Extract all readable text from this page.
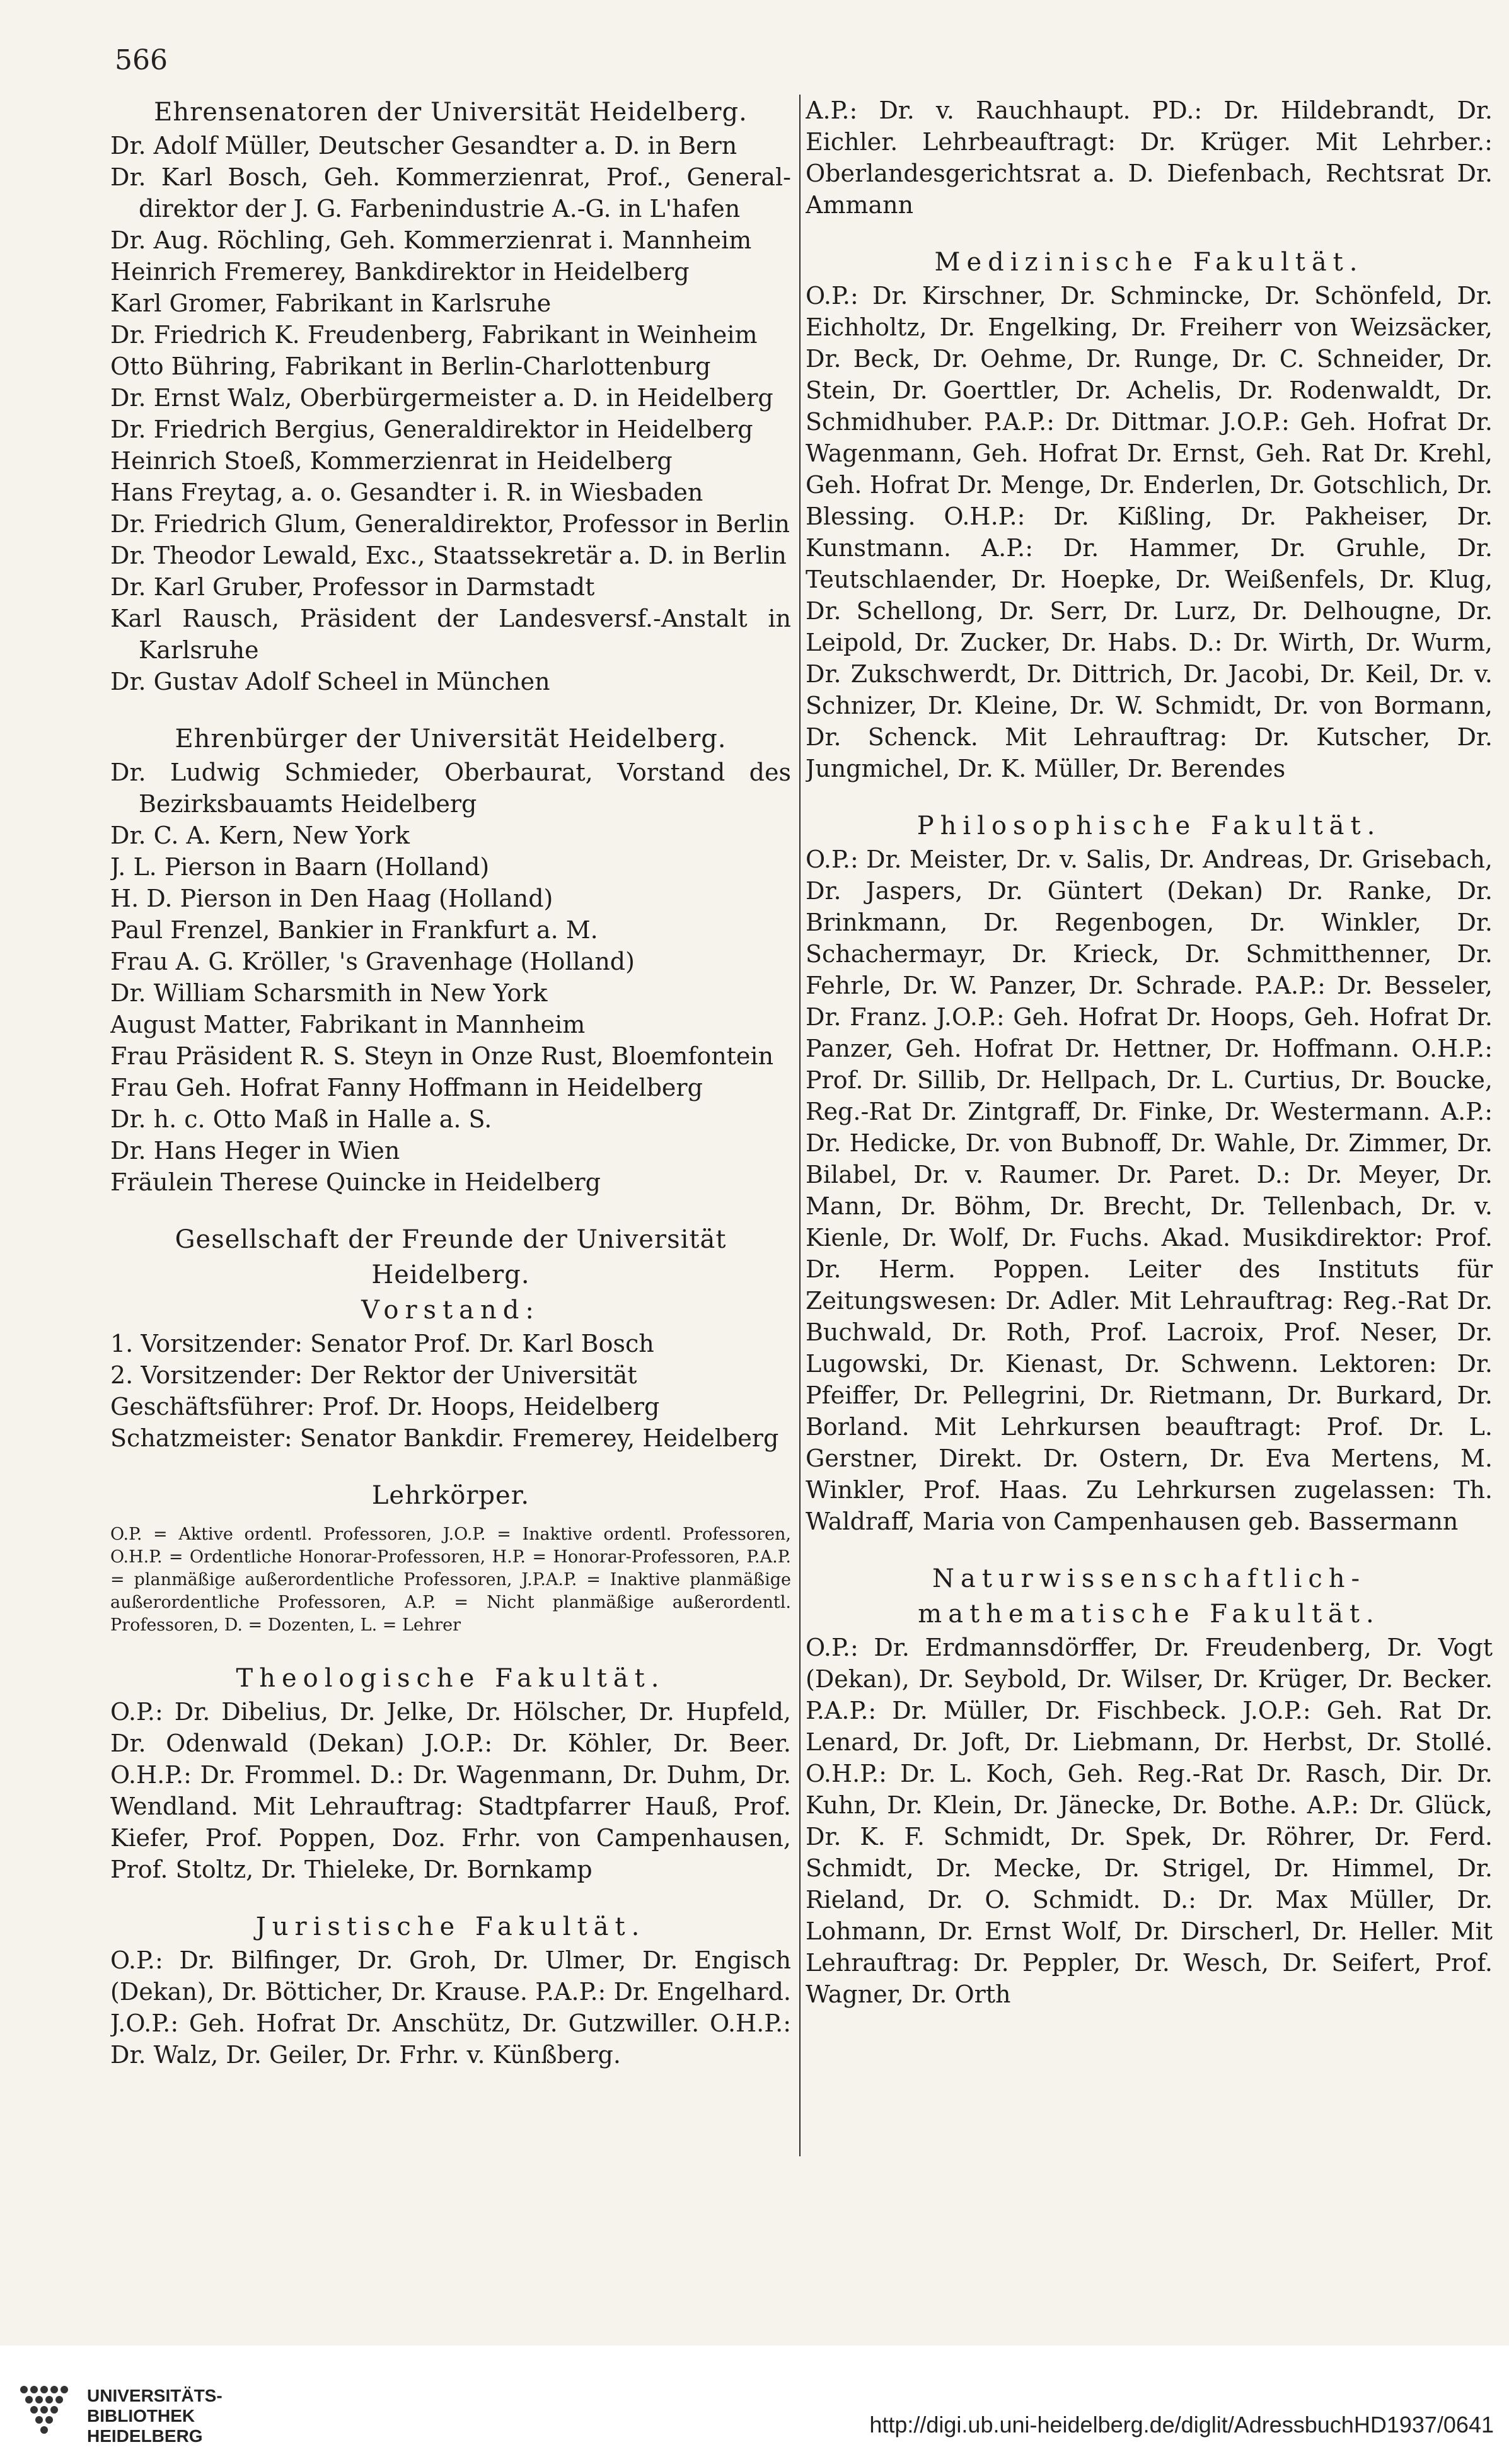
566
Ehrensenatoren der Universität Heidelberg.

Dr. Adolf Müller, Deutscher Gesandter a. D. in Bern

Dr. Karl Bosch, Geh. Kommerzienrat, Prof., General-direktor der J. G. Farbenindustrie A.-G. in L'hafen

Dr. Aug. Röchling, Geh. Kommerzienrat i. Mannheim

Heinrich Fremerey, Bankdirektor in Heidelberg

Karl Gromer, Fabrikant in Karlsruhe

Dr. Friedrich K. Freudenberg, Fabrikant in Weinheim

Otto Bühring, Fabrikant in Berlin-Charlottenburg

Dr. Ernst Walz, Oberbürgermeister a. D. in Heidelberg

Dr. Friedrich Bergius, Generaldirektor in Heidelberg

Heinrich Stoeß, Kommerzienrat in Heidelberg

Hans Freytag, a. o. Gesandter i. R. in Wiesbaden

Dr. Friedrich Glum, Generaldirektor, Professor in Berlin

Dr. Theodor Lewald, Exc., Staatssekretär a. D. in Berlin

Dr. Karl Gruber, Professor in Darmstadt

Karl Rausch, Präsident der Landesversf.-Anstalt in Karlsruhe

Dr. Gustav Adolf Scheel in München

Ehrenbürger der Universität Heidelberg.

Dr. Ludwig Schmieder, Oberbaurat, Vorstand des Bezirksbauamts Heidelberg

Dr. C. A. Kern, New York

J. L. Pierson in Baarn (Holland)

H. D. Pierson in Den Haag (Holland)

Paul Frenzel, Bankier in Frankfurt a. M.

Frau A. G. Kröller, 's Gravenhage (Holland)

Dr. William Scharsmith in New York

August Matter, Fabrikant in Mannheim

Frau Präsident R. S. Steyn in Onze Rust, Bloemfontein

Frau Geh. Hofrat Fanny Hoffmann in Heidelberg

Dr. h. c. Otto Maß in Halle a. S.

Dr. Hans Heger in Wien

Fräulein Therese Quincke in Heidelberg

Gesellschaft der Freunde der Universität Heidelberg.
Vorstand:

1. Vorsitzender: Senator Prof. Dr. Karl Bosch

2. Vorsitzender: Der Rektor der Universität

Geschäftsführer: Prof. Dr. Hoops, Heidelberg

Schatzmeister: Senator Bankdir. Fremerey, Heidelberg

Lehrkörper.
O.P. = Aktive ordentl. Professoren, J.O.P. = Inaktive ordentl. Professoren, O.H.P. = Ordentliche Honorar-Professoren, H.P. = Honorar-Professoren, P.A.P. = planmäßige außerordentliche Professoren, J.P.A.P. = Inaktive planmäßige außerordentliche Professoren, A.P. = Nicht planmäßige außerordentl. Professoren, D. = Dozenten, L. = Lehrer
Theologische Fakultät.

O.P.: Dr. Dibelius, Dr. Jelke, Dr. Hölscher, Dr. Hupfeld, Dr. Odenwald (Dekan) J.O.P.: Dr. Köhler, Dr. Beer. O.H.P.: Dr. Frommel. D.: Dr. Wagenmann, Dr. Duhm, Dr. Wendland. Mit Lehrauftrag: Stadtpfarrer Hauß, Prof. Kiefer, Prof. Poppen, Doz. Frhr. von Campenhausen, Prof. Stoltz, Dr. Thieleke, Dr. Bornkamp

Juristische Fakultät.

O.P.: Dr. Bilfinger, Dr. Groh, Dr. Ulmer, Dr. Engisch (Dekan), Dr. Bötticher, Dr. Krause. P.A.P.: Dr. Engelhard. J.O.P.: Geh. Hofrat Dr. Anschütz, Dr. Gutzwiller. O.H.P.: Dr. Walz, Dr. Geiler, Dr. Frhr. v. Künßberg.

A.P.: Dr. v. Rauchhaupt. PD.: Dr. Hildebrandt, Dr. Eichler. Lehrbeauftragt: Dr. Krüger. Mit Lehrber.: Oberlandesgerichtsrat a. D. Diefenbach, Rechtsrat Dr. Ammann

Medizinische Fakultät.

O.P.: Dr. Kirschner, Dr. Schmincke, Dr. Schönfeld, Dr. Eichholtz, Dr. Engelking, Dr. Freiherr von Weizsäcker, Dr. Beck, Dr. Oehme, Dr. Runge, Dr. C. Schneider, Dr. Stein, Dr. Goerttler, Dr. Achelis, Dr. Rodenwaldt, Dr. Schmidhuber. P.A.P.: Dr. Dittmar. J.O.P.: Geh. Hofrat Dr. Wagenmann, Geh. Hofrat Dr. Ernst, Geh. Rat Dr. Krehl, Geh. Hofrat Dr. Menge, Dr. Enderlen, Dr. Gotschlich, Dr. Blessing. O.H.P.: Dr. Kißling, Dr. Pakheiser, Dr. Kunstmann. A.P.: Dr. Hammer, Dr. Gruhle, Dr. Teutschlaender, Dr. Hoepke, Dr. Weißenfels, Dr. Klug, Dr. Schellong, Dr. Serr, Dr. Lurz, Dr. Delhougne, Dr. Leipold, Dr. Zucker, Dr. Habs. D.: Dr. Wirth, Dr. Wurm, Dr. Zukschwerdt, Dr. Dittrich, Dr. Jacobi, Dr. Keil, Dr. v. Schnizer, Dr. Kleine, Dr. W. Schmidt, Dr. von Bormann, Dr. Schenck. Mit Lehrauftrag: Dr. Kutscher, Dr. Jungmichel, Dr. K. Müller, Dr. Berendes

Philosophische Fakultät.

O.P.: Dr. Meister, Dr. v. Salis, Dr. Andreas, Dr. Grisebach, Dr. Jaspers, Dr. Güntert (Dekan) Dr. Ranke, Dr. Brinkmann, Dr. Regenbogen, Dr. Winkler, Dr. Schachermayr, Dr. Krieck, Dr. Schmitthenner, Dr. Fehrle, Dr. W. Panzer, Dr. Schrade. P.A.P.: Dr. Besseler, Dr. Franz. J.O.P.: Geh. Hofrat Dr. Hoops, Geh. Hofrat Dr. Panzer, Geh. Hofrat Dr. Hettner, Dr. Hoffmann. O.H.P.: Prof. Dr. Sillib, Dr. Hellpach, Dr. L. Curtius, Dr. Boucke, Reg.-Rat Dr. Zintgraff, Dr. Finke, Dr. Westermann. A.P.: Dr. Hedicke, Dr. von Bubnoff, Dr. Wahle, Dr. Zimmer, Dr. Bilabel, Dr. v. Raumer. Dr. Paret. D.: Dr. Meyer, Dr. Mann, Dr. Böhm, Dr. Brecht, Dr. Tellenbach, Dr. v. Kienle, Dr. Wolf, Dr. Fuchs. Akad. Musikdirektor: Prof. Dr. Herm. Poppen. Leiter des Instituts für Zeitungswesen: Dr. Adler. Mit Lehrauftrag: Reg.-Rat Dr. Buchwald, Dr. Roth, Prof. Lacroix, Prof. Neser, Dr. Lugowski, Dr. Kienast, Dr. Schwenn. Lektoren: Dr. Pfeiffer, Dr. Pellegrini, Dr. Rietmann, Dr. Burkard, Dr. Borland. Mit Lehrkursen beauftragt: Prof. Dr. L. Gerstner, Direkt. Dr. Ostern, Dr. Eva Mertens, M. Winkler, Prof. Haas. Zu Lehrkursen zugelassen: Th. Waldraff, Maria von Campenhausen geb. Bassermann

Naturwissenschaftlich-mathematische Fakultät.

O.P.: Dr. Erdmannsdörffer, Dr. Freudenberg, Dr. Vogt (Dekan), Dr. Seybold, Dr. Wilser, Dr. Krüger, Dr. Becker. P.A.P.: Dr. Müller, Dr. Fischbeck. J.O.P.: Geh. Rat Dr. Lenard, Dr. Joft, Dr. Liebmann, Dr. Herbst, Dr. Stollé. O.H.P.: Dr. L. Koch, Geh. Reg.-Rat Dr. Rasch, Dir. Dr. Kuhn, Dr. Klein, Dr. Jänecke, Dr. Bothe. A.P.: Dr. Glück, Dr. K. F. Schmidt, Dr. Spek, Dr. Röhrer, Dr. Ferd. Schmidt, Dr. Mecke, Dr. Strigel, Dr. Himmel, Dr. Rieland, Dr. O. Schmidt. D.: Dr. Max Müller, Dr. Lohmann, Dr. Ernst Wolf, Dr. Dirscherl, Dr. Heller. Mit Lehrauftrag: Dr. Peppler, Dr. Wesch, Dr. Seifert, Prof. Wagner, Dr. Orth

UNIVERSITÄTS-
BIBLIOTHEK
HEIDELBERG	http://digi.ub.uni-heidelberg.de/diglit/AdressbuchHD1937/0641
